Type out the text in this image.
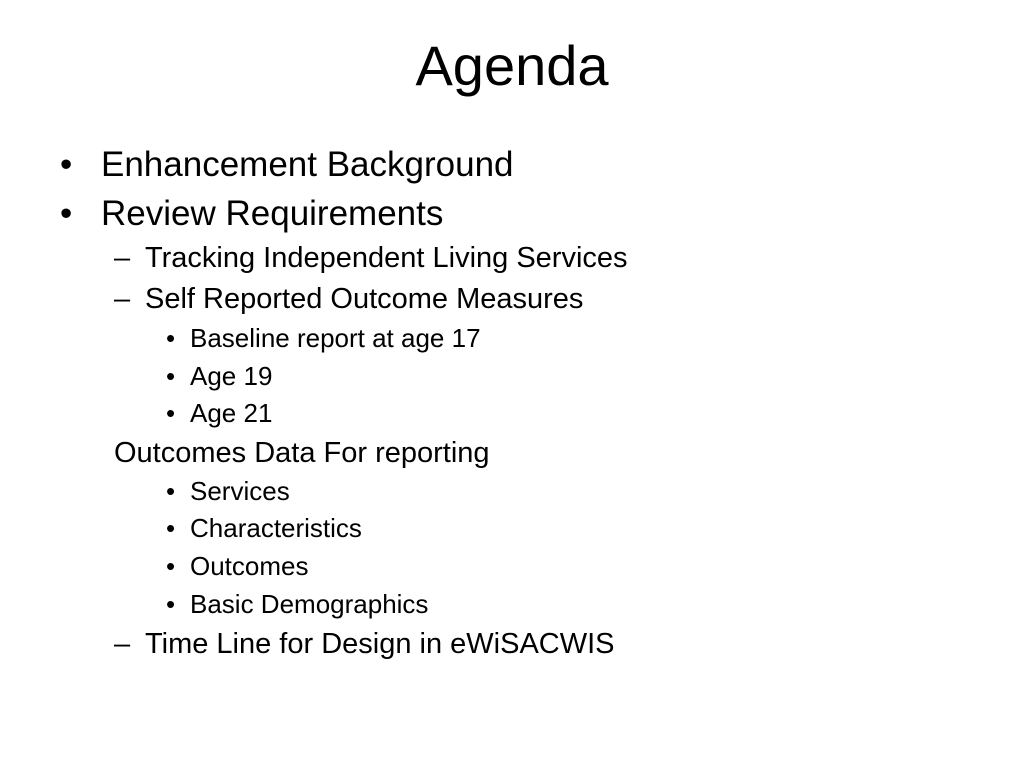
Agenda
• Enhancement Background
• Review Requirements
– Tracking Independent Living Services
– Self Reported Outcome Measures
• Baseline report at age 17
• Age 19
• Age 21
Outcomes Data For reporting
• Services
• Characteristics
• Outcomes
• Basic Demographics
– Time Line for Design in eWiSACWIS
